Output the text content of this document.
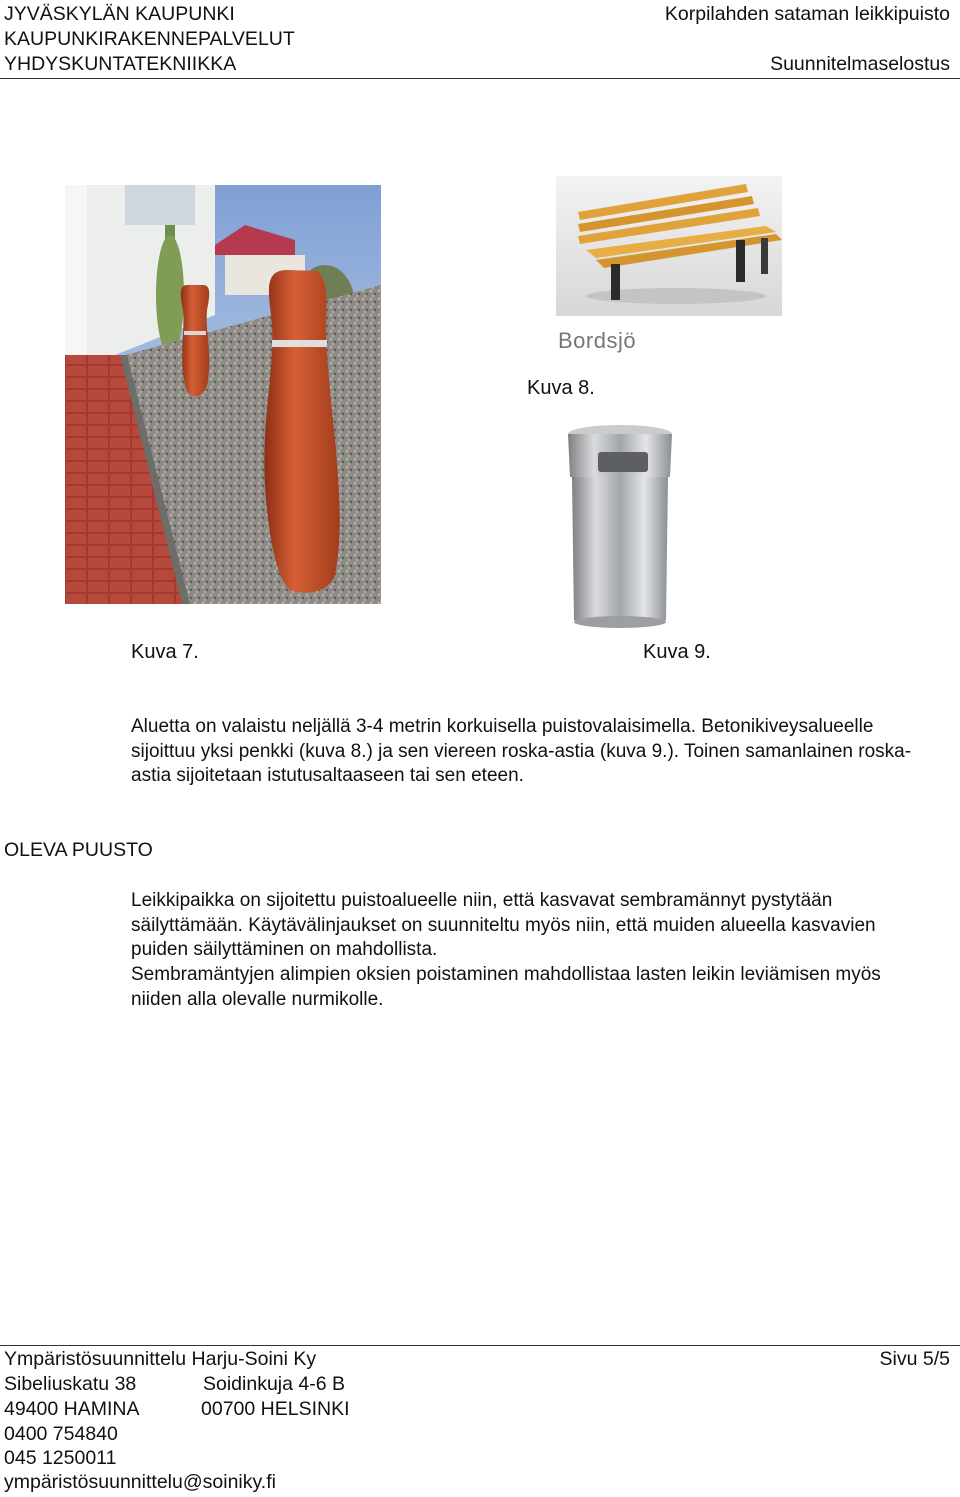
JYVÄSKYLÄN KAUPUNKI
KAUPUNKIRAKENNEPALVELUT
YHDYSKUNTATEKNIIKKA
Korpilahden sataman leikkipuisto
Suunnitelmaselostus
Bordsjö
Kuva 8.
Kuva 7.	Kuva 9.
Aluetta on valaistu neljällä 3-4 metrin korkuisella puistovalaisimella. Betonikiveysalueelle sijoittuu yksi penkki (kuva 8.) ja sen viereen roska-astia (kuva 9.). Toinen samanlainen roska-astia sijoitetaan istutusaltaaseen tai sen eteen.
OLEVA PUUSTO
Leikkipaikka on sijoitettu puistoalueelle niin, että kasvavat sembramännyt pystytään säilyttämään. Käytävälinjaukset on suunniteltu myös niin, että muiden alueella kasvavien puiden säilyttäminen on mahdollista.
Sembramäntyjen alimpien oksien poistaminen mahdollistaa lasten leikin leviämisen myös niiden alla olevalle nurmikolle.
Ympäristösuunnittelu Harju-Soini Ky	Sivu 5/5
Sibeliuskatu 38	Soidinkuja 4-6 B
49400 HAMINA	00700 HELSINKI
0400 754840
045 1250011
ympäristösuunnittelu@soiniky.fi
